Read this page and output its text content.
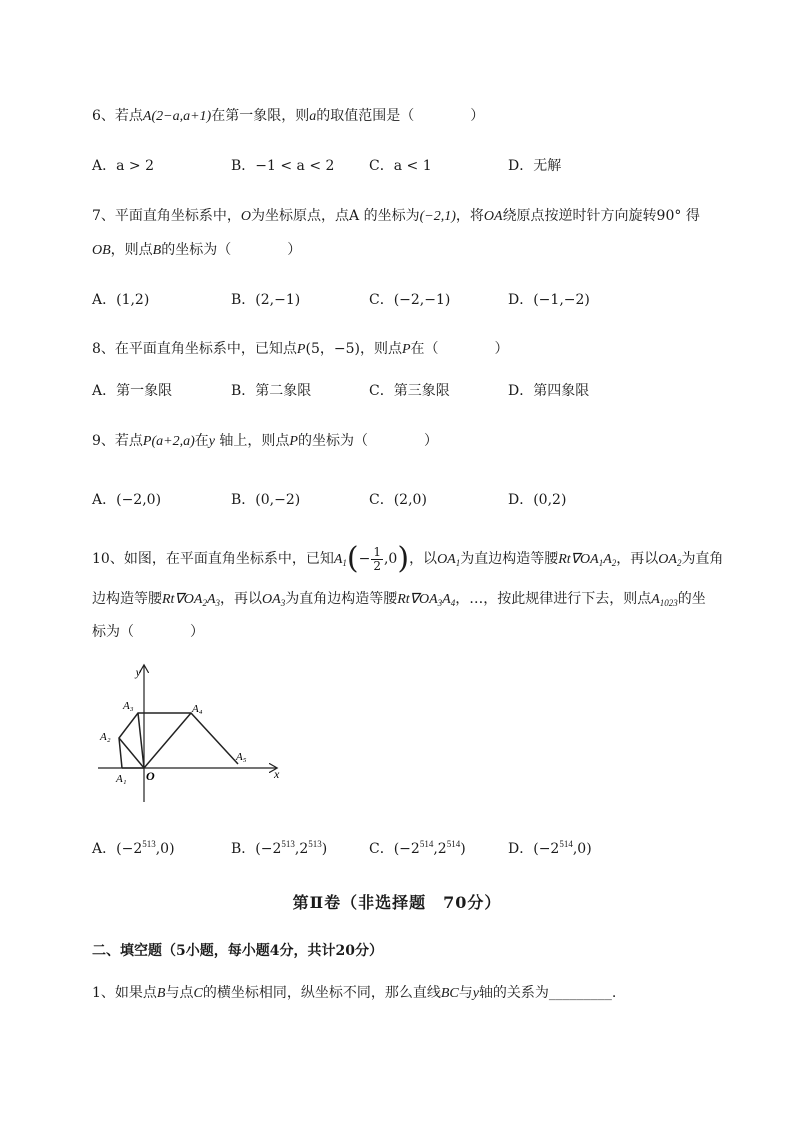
6、若点A(2−a,a+1)在第一象限，则a的取值范围是（　　　　）
A．a > 2	B．−1 < a < 2 C．a < 1	D．无解
7、平面直角坐标系中，O为坐标原点，点A 的坐标为(−2,1)，将OA绕原点按逆时针方向旋转90° 得
OB，则点B的坐标为（　　　　）
A．(1,2)	B．(2,−1)	C．(−2,−1)	D．(−1,−2)
8、在平面直角坐标系中，已知点P(5，−5)，则点P在（　　　　）
A．第一象限	B．第二象限	C．第三象限	D．第四象限
9、若点P(a+2,a)在y 轴上，则点P的坐标为（　　　　）
A．(−2,0)	B．(0,−2)	C．(2,0)	D．(0,2)
10、如图，在平面直角坐标系中，已知$A_1(- \frac{1}{2} ,0)$，以$OA_1$为直边构造等腰$Rt\nabla OA_1A_2$，再以$OA_2$为直角
边构造等腰$Rt\nabla OA_2A_3$，再以$OA_3$为直角边构造等腰$Rt\nabla OA_3A_4$，…，按此规律进行下去，则点$A_{1023}$的坐
标为（　　　　）
y
x
O
A₁
A₂
A₃	A₄
A₅
A．$(-2^{513},0)$	B．$(-2^{513},2^{513})$	C．$(-2^{514},2^{514})$	D．$(-2^{514},0)$
第Ⅱ卷（非选择题　70分）
二、填空题（5小题，每小题4分，共计20分）
1、如果点B与点C的横坐标相同，纵坐标不同，那么直线BC与y轴的关系为_________.
